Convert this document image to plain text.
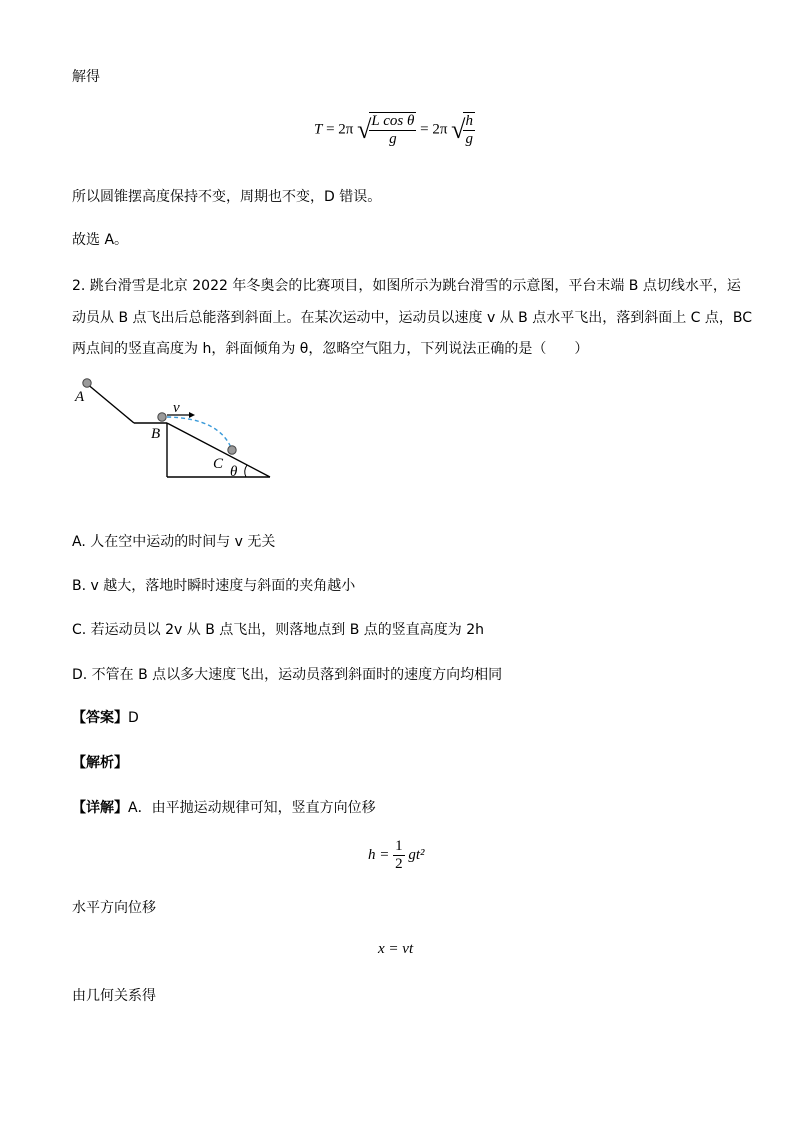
解得
T = 2π √
$\frac{\text{L cos θ}}{g} = 2\pi$ √
$\frac{h}{g}$
所以圆锥摆高度保持不变，周期也不变，D 错误。
故选 A。
2. 跳台滑雪是北京 2022 年冬奥会的比赛项目，如图所示为跳台滑雪的示意图，平台末端 B 点切线水平，运
动员从 B 点飞出后总能落到斜面上。在某次运动中，运动员以速度 v 从 B 点水平飞出，落到斜面上 C 点，BC
两点间的竖直高度为 h，斜面倾角为 θ，忽略空气阻力，下列说法正确的是（　　）
A
B
C
v
θ
A. 人在空中运动的时间与 v 无关
B. v 越大，落地时瞬时速度与斜面的夹角越小
C. 若运动员以 2v 从 B 点飞出，则落地点到 B 点的竖直高度为 2h
D. 不管在 B 点以多大速度飞出，运动员落到斜面时的速度方向均相同
【答案】D
【解析】
【详解】A．由平抛运动规律可知，竖直方向位移
$h = \frac{1}{2} gt^2$
水平方向位移
x = vt
由几何关系得
